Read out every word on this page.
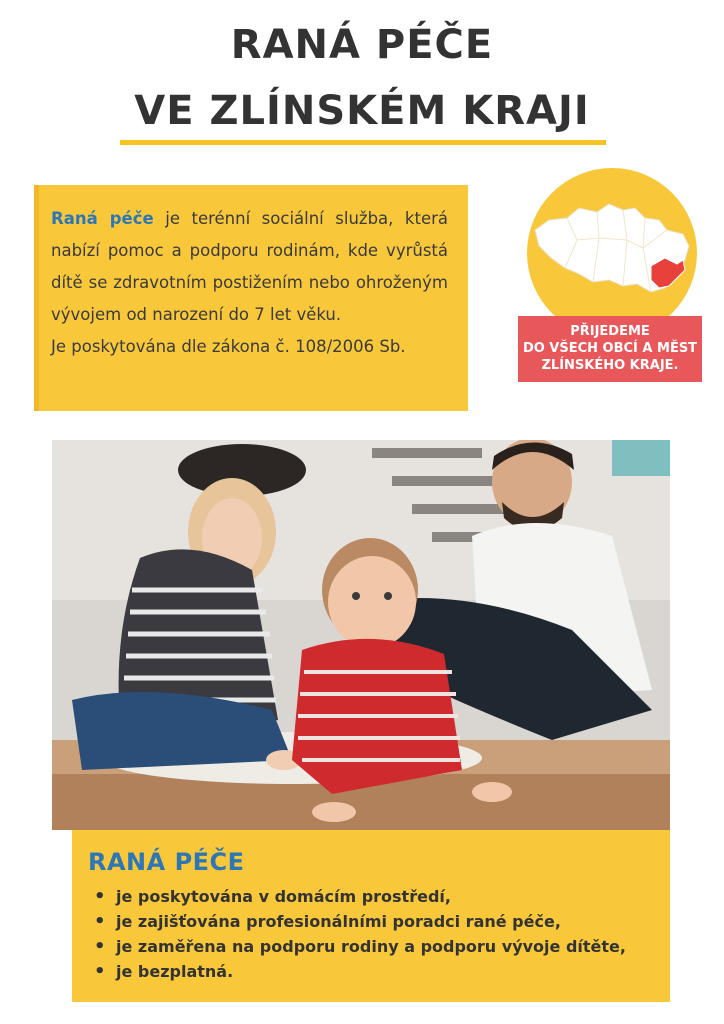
RANÁ PÉČE
VE ZLÍNSKÉM KRAJI
Raná péče je terénní sociální služba, která nabízí pomoc a podporu rodinám, kde vyrůstá dítě se zdravotním postižením nebo ohroženým vývojem od narození do 7 let věku.
Je poskytována dle zákona č. 108/2006 Sb.
PŘIJEDEME
DO VŠECH OBCÍ A MĚST
ZLÍNSKÉHO KRAJE.
RANÁ PÉČE
• je poskytována v domácím prostředí,
• je zajišťována profesionálními poradci rané péče,
• je zaměřena na podporu rodiny a podporu vývoje dítěte,
• je bezplatná.
